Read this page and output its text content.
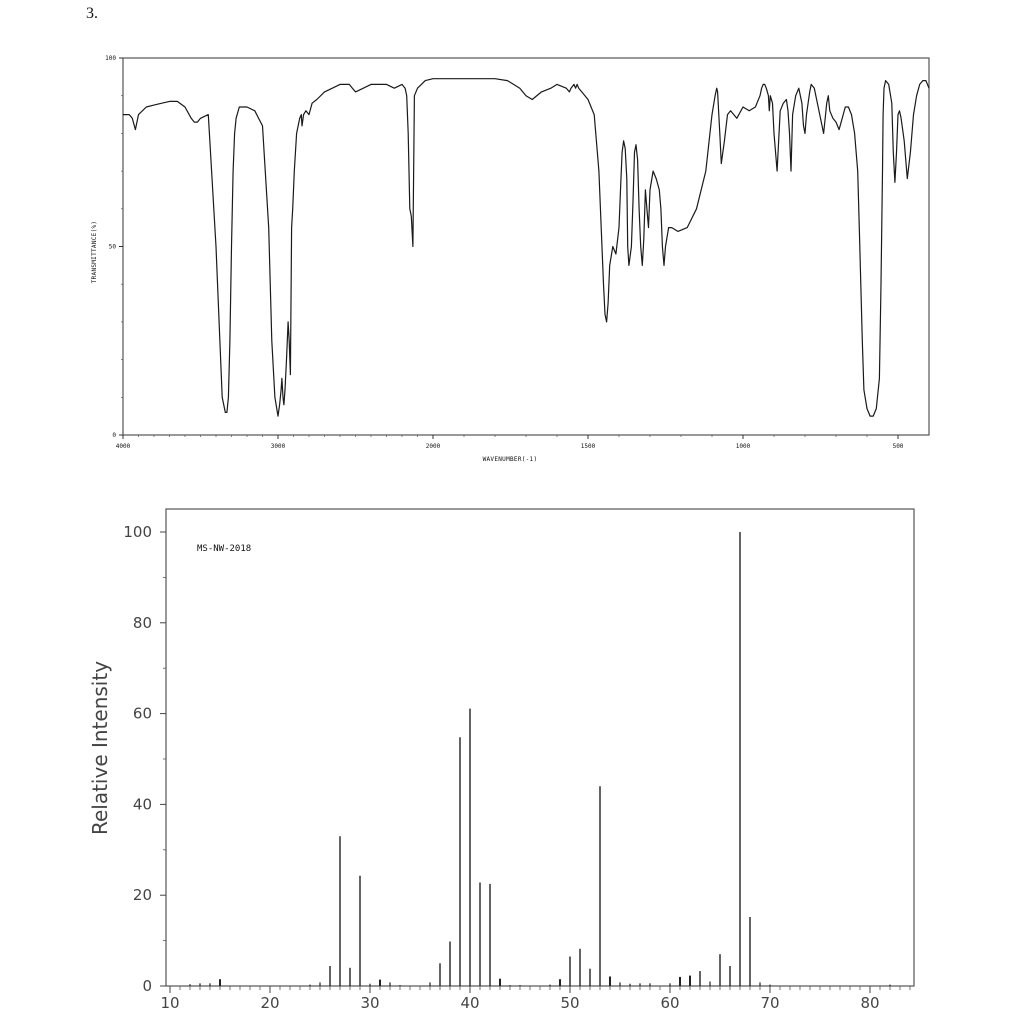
3.
4000	3000	2000	1500	1000	500
0
50
100
WAVENUMBER(-1)
TRANSMITTANCE(%)
10	20	30	40	50	60	70	80
0
20
40
60
80
100
MS-NW-2018
Relative Intensity
